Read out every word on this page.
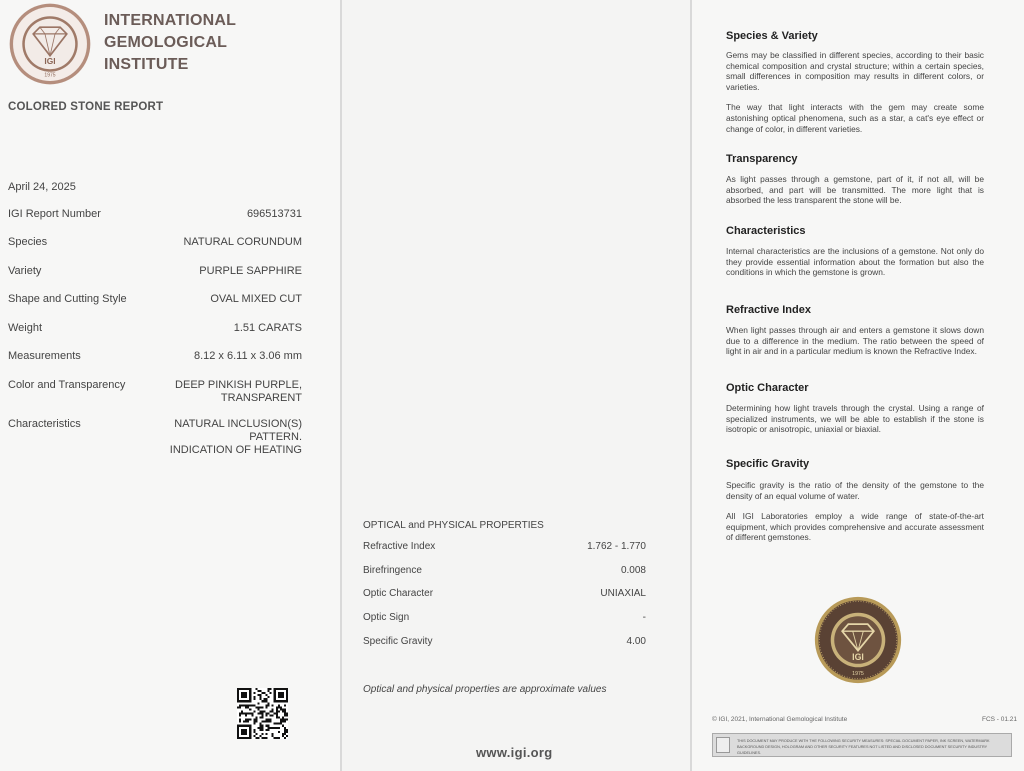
IGI
1975
INTERNATIONAL
GEMOLOGICAL
INSTITUTE
COLORED STONE REPORT
April 24, 2025
IGI Report Number	696513731
Species	NATURAL CORUNDUM
Variety	PURPLE SAPPHIRE
Shape and Cutting Style	OVAL MIXED CUT
Weight	1.51 CARATS
Measurements	8.12 x 6.11 x 3.06 mm
Color and Transparency	DEEP PINKISH PURPLE,
TRANSPARENT
Characteristics	NATURAL INCLUSION(S)
PATTERN.
INDICATION OF HEATING
OPTICAL and PHYSICAL PROPERTIES
Refractive Index	1.762 - 1.770
Birefringence	0.008
Optic Character	UNIAXIAL
Optic Sign	-
Specific Gravity	4.00
Optical and physical properties are approximate values
www.igi.org
Species & Variety

Gems may be classified in different species, according to their basic chemical composition and crystal structure; within a certain species, small differences in composition may results in different colors, or varieties.

The way that light interacts with the gem may create some astonishing optical phenomena, such as a star, a cat's eye effect or change of color, in different varieties.

Transparency

As light passes through a gemstone, part of it, if not all, will be absorbed, and part will be transmitted. The more light that is absorbed the less transparent the stone will be.

Characteristics

Internal characteristics are the inclusions of a gemstone. Not only do they provide essential information about the formation but also the conditions in which the gemstone is grown.

Refractive Index

When light passes through air and enters a gemstone it slows down due to a difference in the medium. The ratio between the speed of light in air and in a particular medium is known the Refractive Index.

Optic Character

Determining how light travels through the crystal. Using a range of specialized instruments, we will be able to establish if the stone is isotropic or anisotropic, uniaxial or biaxial.

Specific Gravity

Specific gravity is the ratio of the density of the gemstone to the density of an equal volume of water.

All IGI Laboratories employ a wide range of state-of-the-art equipment, which provides comprehensive and accurate assessment of different gemstones.

IGI
1975
© IGI, 2021, International Gemological Institute	FCS - 01.21
THIS DOCUMENT MAY PRODUCE WITH THE FOLLOWING SECURITY MEASURES: SPECIAL DOCUMENT PAPER, INK SCREEN, WATERMARK BACKGROUND DESIGN, HOLOGRAM AND OTHER SECURITY FEATURES NOT LISTED AND DISCLOSED DOCUMENT SECURITY INDUSTRY GUIDELINES.
